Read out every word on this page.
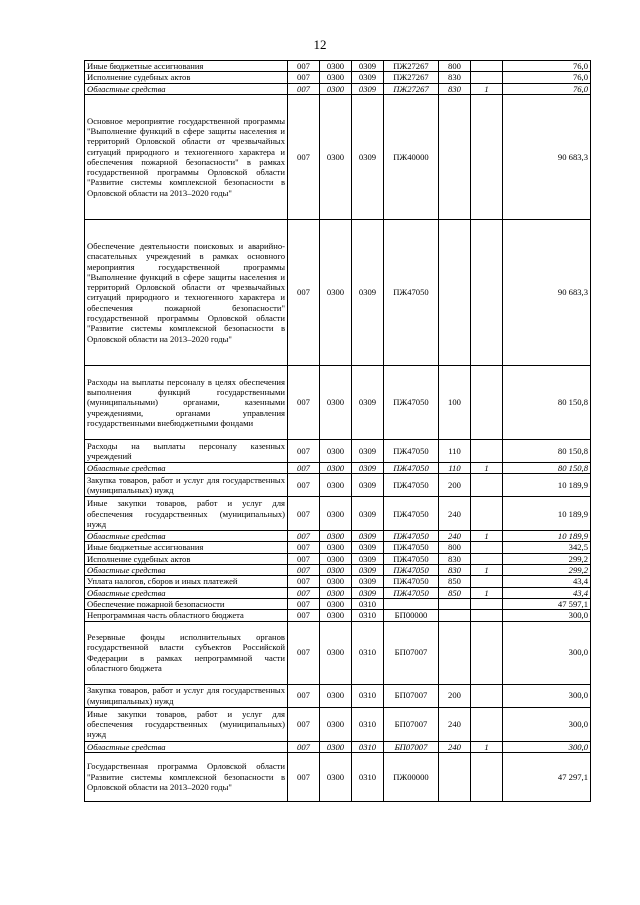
12
Иные бюджетные ассигнования	007	0300	0309	ПЖ27267	800		76,0
Исполнение судебных актов	007	0300	0309	ПЖ27267	830		76,0
Областные средства	007	0300	0309	ПЖ27267	830	1	76,0
Основное мероприятие государственной программы "Выполнение функций в сфере защиты населения и территорий Орловской области от чрезвычайных ситуаций природного и техногенного характера и обеспечения пожарной безопасности" в рамках государственной программы Орловской области "Развитие системы комплексной безопасности в Орловской области на 2013–2020 годы"	007	0300	0309	ПЖ40000			90 683,3
Обеспечение деятельности поисковых и аварийно-спасательных учреждений в рамках основного мероприятия государственной программы "Выполнение функций в сфере защиты населения и территорий Орловской области от чрезвычайных ситуаций природного и техногенного характера и обеспечения пожарной безопасности" государственной программы Орловской области "Развитие системы комплексной безопасности в Орловской области на 2013–2020 годы"	007	0300	0309	ПЖ47050			90 683,3
Расходы на выплаты персоналу в целях обеспечения выполнения функций государственными (муниципальными) органами, казенными учреждениями, органами управления государственными внебюджетными фондами	007	0300	0309	ПЖ47050	100		80 150,8
Расходы на выплаты персоналу казенных учреждений	007	0300	0309	ПЖ47050	110		80 150,8
Областные средства	007	0300	0309	ПЖ47050	110	1	80 150,8
Закупка товаров, работ и услуг для государственных (муниципальных) нужд	007	0300	0309	ПЖ47050	200		10 189,9
Иные закупки товаров, работ и услуг для обеспечения государственных (муниципальных) нужд	007	0300	0309	ПЖ47050	240		10 189,9
Областные средства	007	0300	0309	ПЖ47050	240	1	10 189,9
Иные бюджетные ассигнования	007	0300	0309	ПЖ47050	800		342,5
Исполнение судебных актов	007	0300	0309	ПЖ47050	830		299,2
Областные средства	007	0300	0309	ПЖ47050	830	1	299,2
Уплата налогов, сборов и иных платежей	007	0300	0309	ПЖ47050	850		43,4
Областные средства	007	0300	0309	ПЖ47050	850	1	43,4
Обеспечение пожарной безопасности	007	0300	0310				47 597,1
Непрограммная часть областного бюджета	007	0300	0310	БП00000			300,0
Резервные фонды исполнительных органов государственной власти субъектов Российской Федерации в рамках непрограммной части областного бюджета	007	0300	0310	БП07007			300,0
Закупка товаров, работ и услуг для государственных (муниципальных) нужд	007	0300	0310	БП07007	200		300,0
Иные закупки товаров, работ и услуг для обеспечения государственных (муниципальных) нужд	007	0300	0310	БП07007	240		300,0
Областные средства	007	0300	0310	БП07007	240	1	300,0
Государственная программа Орловской области "Развитие системы комплексной безопасности в Орловской области на 2013–2020 годы"	007	0300	0310	ПЖ00000			47 297,1
